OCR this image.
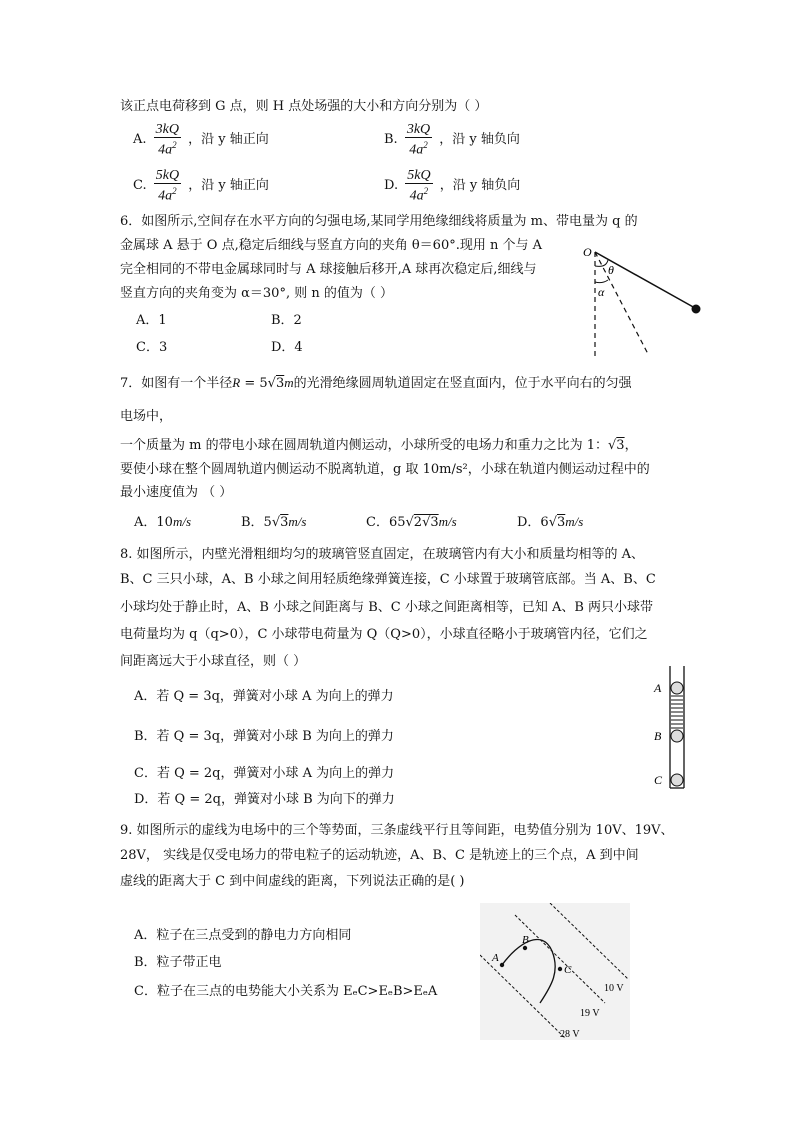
该正点电荷移到 G 点，则 H 点处场强的大小和方向分别为（ ）
A. $\frac{3kQ}{4a^2}$ ，沿 y 轴正向	B. $\frac{3kQ}{4a^2}$ ，沿 y 轴负向
C. $\frac{5kQ}{4a^2}$ ，沿 y 轴正向	D. $\frac{5kQ}{4a^2}$ ，沿 y 轴负向
6．如图所示,空间存在水平方向的匀强电场,某同学用绝缘细线将质量为 m、带电量为 q 的
金属球 A 悬于 O 点,稳定后细线与竖直方向的夹角 θ＝60°.现用 n 个与 A
完全相同的不带电金属球同时与 A 球接触后移开,A 球再次稳定后,细线与
竖直方向的夹角变为 α＝30°, 则 n 的值为（ ）
A．1	B．2
C．3	D．4
O
θ
α
7．如图有一个半径R = 5√3m的光滑绝缘圆周轨道固定在竖直面内，位于水平向右的匀强
电场中，
一个质量为 m 的带电小球在圆周轨道内侧运动，小球所受的电场力和重力之比为 1：√3，
要使小球在整个圆周轨道内侧运动不脱离轨道，g 取 10m/s²，小球在轨道内侧运动过程中的
最小速度值为 （ ）
A．10m/s	B．5√3m/s	C．65√2√3m/s	D．6√3m/s
8. 如图所示，内壁光滑粗细均匀的玻璃管竖直固定，在玻璃管内有大小和质量均相等的 A、
B、C 三只小球，A、B 小球之间用轻质绝缘弹簧连接，C 小球置于玻璃管底部。当 A、B、C
小球均处于静止时，A、B 小球之间距离与 B、C 小球之间距离相等，已知 A、B 两只小球带
电荷量均为 q（q>0），C 小球带电荷量为 Q（Q>0），小球直径略小于玻璃管内径，它们之
间距离远大于小球直径，则（ ）
A．若 Q = 3q，弹簧对小球 A 为向上的弹力
B．若 Q = 3q，弹簧对小球 B 为向上的弹力
C．若 Q = 2q，弹簧对小球 A 为向上的弹力
D．若 Q = 2q，弹簧对小球 B 为向下的弹力
A
B
C
9. 如图所示的虚线为电场中的三个等势面，三条虚线平行且等间距，电势值分别为 10V、19V、
28V， 实线是仅受电场力的带电粒子的运动轨迹，A、B、C 是轨迹上的三个点，A 到中间
虚线的距离大于 C 到中间虚线的距离，下列说法正确的是( )
A．粒子在三点受到的静电力方向相同
B．粒子带正电
C．粒子在三点的电势能大小关系为 EₑC>EₑB>EₑA
A
B
C
10 V
19 V
28 V
